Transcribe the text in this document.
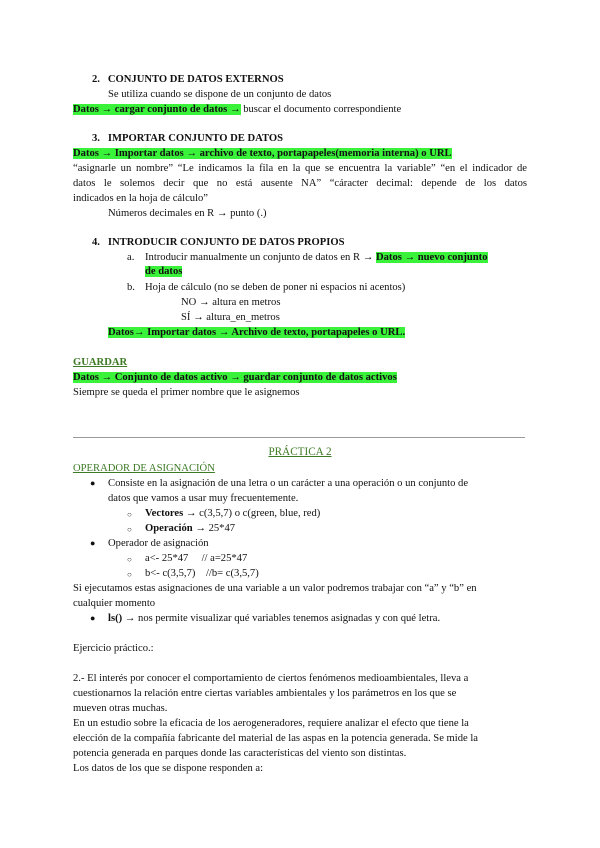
2.   CONJUNTO DE DATOS EXTERNOS
Se utiliza cuando se dispone de un conjunto de datos
Datos → cargar conjunto de datos → buscar el documento correspondiente
3.   IMPORTAR CONJUNTO DE DATOS
Datos → Importar datos → archivo de texto, portapapeles(memoria interna) o URL
“asignarle un nombre” “Le indicamos la fila en la que se encuentra la variable” “en el indicador de
datos le solemos decir que no está ausente NA” “cáracter decimal: depende de los datos
indicados en la hoja de cálculo”
Números decimales en R → punto (.)
4.   INTRODUCIR CONJUNTO DE DATOS PROPIOS
a. Introducir manualmente un conjunto de datos en R → Datos → nuevo conjunto
de datos
b. Hoja de cálculo (no se deben de poner ni espacios ni acentos)
NO → altura en metros
SÍ → altura_en_metros
Datos→ Importar datos → Archivo de texto, portapapeles o URL.
GUARDAR
Datos → Conjunto de datos activo → guardar conjunto de datos activos
Siempre se queda el primer nombre que le asignemos
PRÁCTICA 2
OPERADOR DE ASIGNACIÓN
● Consiste en la asignación de una letra o un carácter a una operación o un conjunto de
datos que vamos a usar muy frecuentemente.
○ Vectores → c(3,5,7) o c(green, blue, red)
○ Operación → 25*47
● Operador de asignación
○ a<- 25*47     // a=25*47
○ b<- c(3,5,7)    //b= c(3,5,7)
Si ejecutamos estas asignaciones de una variable a un valor podremos trabajar con “a” y “b” en
cualquier momento
● ls() → nos permite visualizar qué variables tenemos asignadas y con qué letra.
Ejercicio práctico.:
2.- El interés por conocer el comportamiento de ciertos fenómenos medioambientales, lleva a
cuestionarnos la relación entre ciertas variables ambientales y los parámetros en los que se
mueven otras muchas.
En un estudio sobre la eficacia de los aerogeneradores, requiere analizar el efecto que tiene la
elección de la compañía fabricante del material de las aspas en la potencia generada. Se mide la
potencia generada en parques donde las características del viento son distintas.
Los datos de los que se dispone responden a:
